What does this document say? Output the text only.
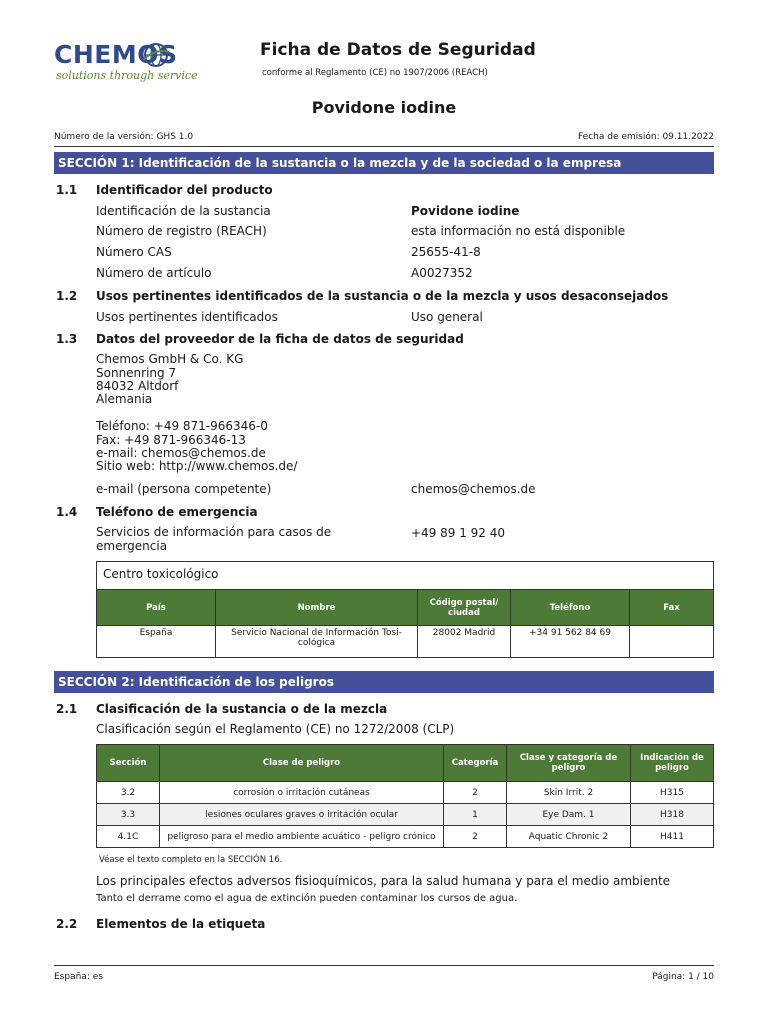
CHEMOS
solutions through service
Ficha de Datos de Seguridad
conforme al Reglamento (CE) no 1907/2006 (REACH)
Povidone iodine
Número de la versión: GHS 1.0	Fecha de emisión: 09.11.2022
SECCIÓN 1: Identificación de la sustancia o la mezcla y de la sociedad o la empresa
1.1 Identificador del producto
Identificación de la sustancia	Povidone iodine
Número de registro (REACH)	esta información no está disponible
Número CAS	25655-41-8
Número de artículo	A0027352
1.2 Usos pertinentes identificados de la sustancia o de la mezcla y usos desaconsejados
Usos pertinentes identificados	Uso general
1.3 Datos del proveedor de la ficha de datos de seguridad
Chemos GmbH & Co. KG
Sonnenring 7
84032 Altdorf
Alemania
Teléfono: +49 871-966346-0
Fax: +49 871-966346-13
e-mail: chemos@chemos.de
Sitio web: http://www.chemos.de/
e-mail (persona competente)	chemos@chemos.de
1.4 Teléfono de emergencia
Servicios de información para casos de emergencia
+49 89 1 92 40
Centro toxicológico
País	Nombre	Código postal/ ciudad	Teléfono	Fax
España	Servicio Nacional de Información Tosi- cológica	28002 Madrid	+34 91 562 84 69	
SECCIÓN 2: Identificación de los peligros
2.1 Clasificación de la sustancia o de la mezcla
Clasificación según el Reglamento (CE) no 1272/2008 (CLP)
Sección	Clase de peligro	Categoría	Clase y categoría de peligro	Indicación de peligro
3.2	corrosión o irritación cutáneas	2	Skin Irrit. 2	H315
3.3	lesiones oculares graves o irritación ocular	1	Eye Dam. 1	H318
4.1C	peligroso para el medio ambiente acuático - peligro crónico	2	Aquatic Chronic 2	H411
Véase el texto completo en la SECCIÓN 16.
Los principales efectos adversos fisioquímicos, para la salud humana y para el medio ambiente
Tanto el derrame como el agua de extinción pueden contaminar los cursos de agua.
2.2 Elementos de la etiqueta
España: es	Página: 1 / 10
